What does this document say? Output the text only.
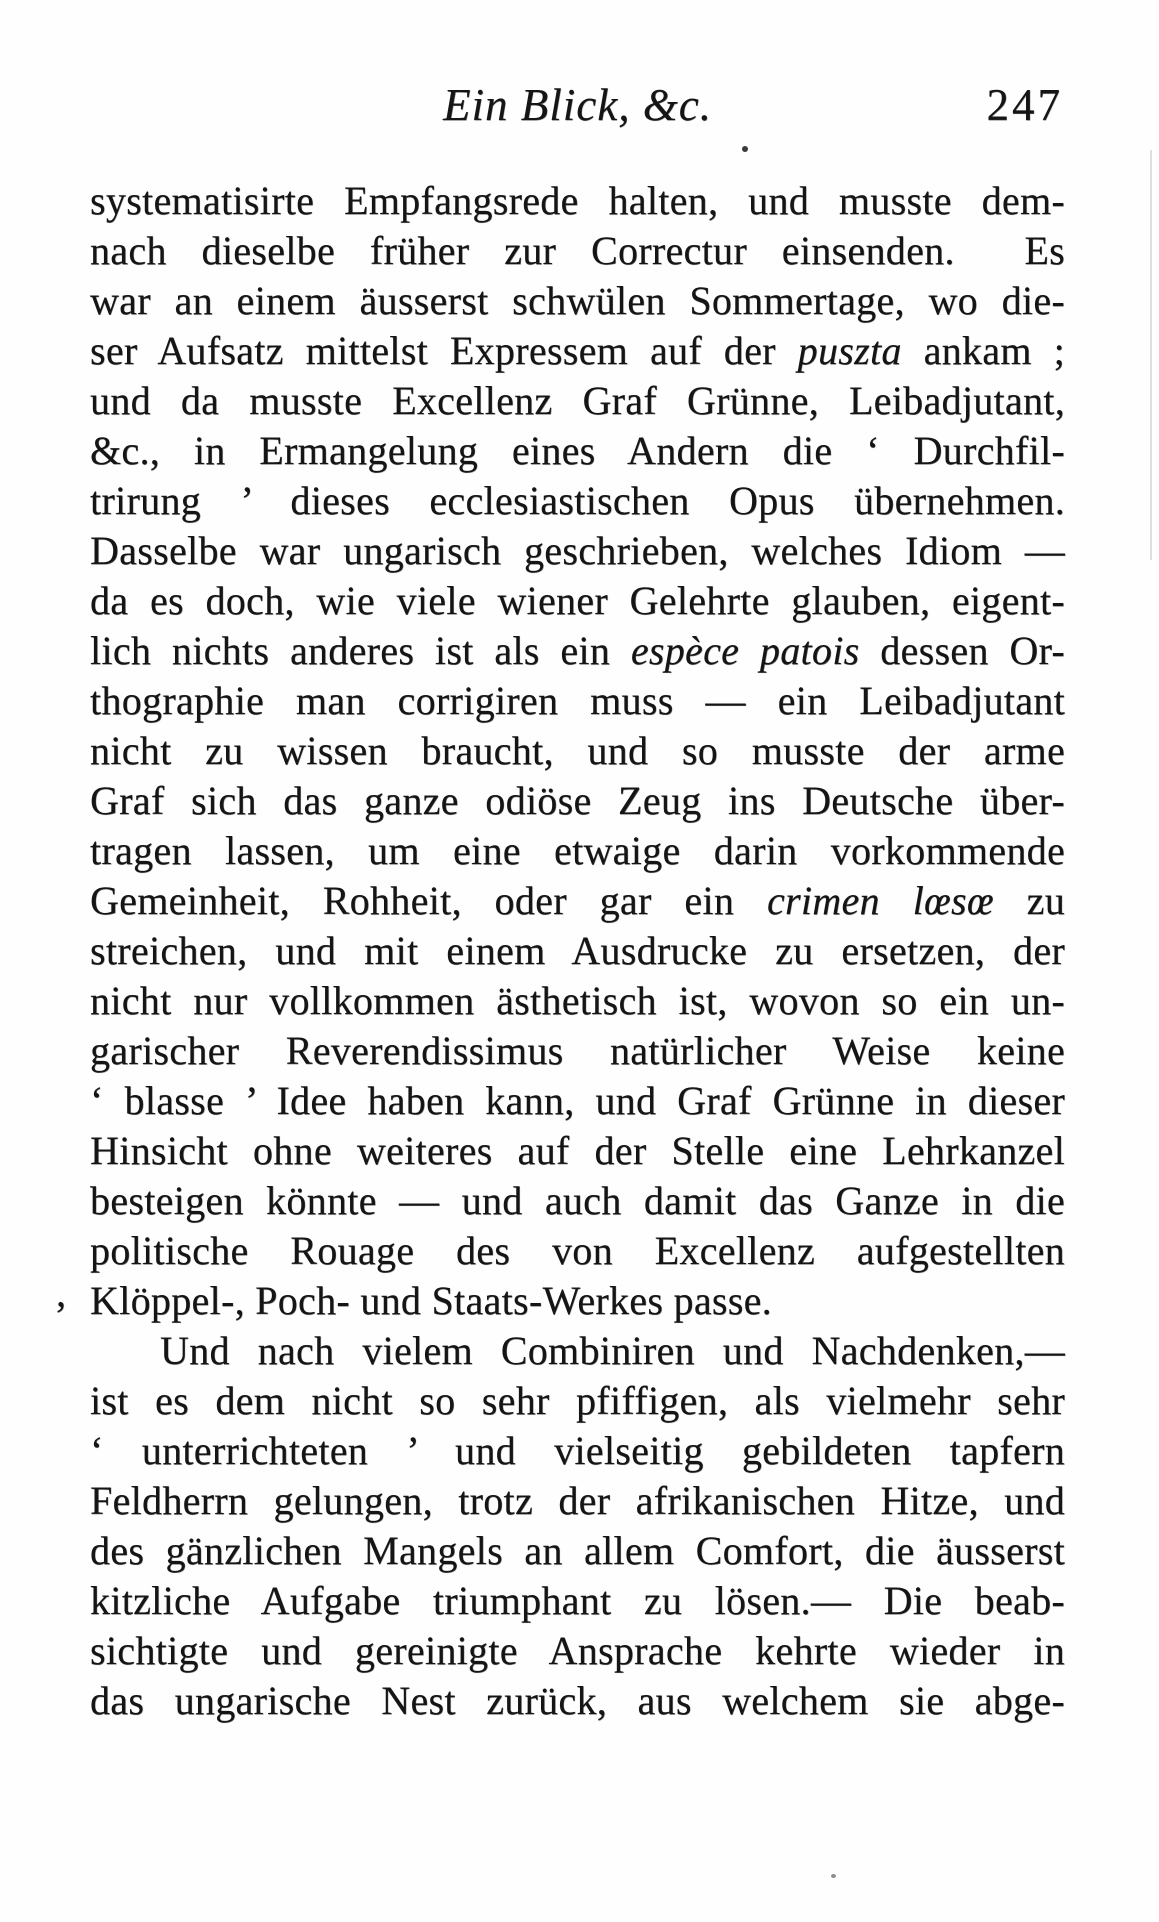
Ein Blick, &c.	247
systematisirte Empfangsrede halten, und musste dem-
nach dieselbe früher zur Correctur einsenden.  Es
war an einem äusserst schwülen Sommertage, wo die-
ser Aufsatz mittelst Expressem auf der puszta ankam ;
und da musste Excellenz Graf Grünne, Leibadjutant,
&c., in Ermangelung eines Andern die ‘ Durchfil-
trirung ’ dieses ecclesiastischen Opus übernehmen.
Dasselbe war ungarisch geschrieben, welches Idiom —
da es doch, wie viele wiener Gelehrte glauben, eigent-
lich nichts anderes ist als ein espèce patois dessen Or-
thographie man corrigiren muss — ein Leibadjutant
nicht zu wissen braucht, und so musste der arme
Graf sich das ganze odiöse Zeug ins Deutsche über-
tragen lassen, um eine etwaige darin vorkommende
Gemeinheit, Rohheit, oder gar ein crimen lœsœ zu
streichen, und mit einem Ausdrucke zu ersetzen, der
nicht nur vollkommen ästhetisch ist, wovon so ein un-
garischer Reverendissimus natürlicher Weise keine
‘ blasse ’ Idee haben kann, und Graf Grünne in dieser
Hinsicht ohne weiteres auf der Stelle eine Lehrkanzel
besteigen könnte — und auch damit das Ganze in die
politische Rouage des von Excellenz aufgestellten
Klöppel-, Poch- und Staats-Werkes passe.
Und nach vielem Combiniren und Nachdenken,—
ist es dem nicht so sehr pfiffigen, als vielmehr sehr
‘ unterrichteten ’ und vielseitig gebildeten tapfern
Feldherrn gelungen, trotz der afrikanischen Hitze, und
des gänzlichen Mangels an allem Comfort, die äusserst
kitzliche Aufgabe triumphant zu lösen.— Die beab-
sichtigte und gereinigte Ansprache kehrte wieder in
das ungarische Nest zurück, aus welchem sie abge-
,
